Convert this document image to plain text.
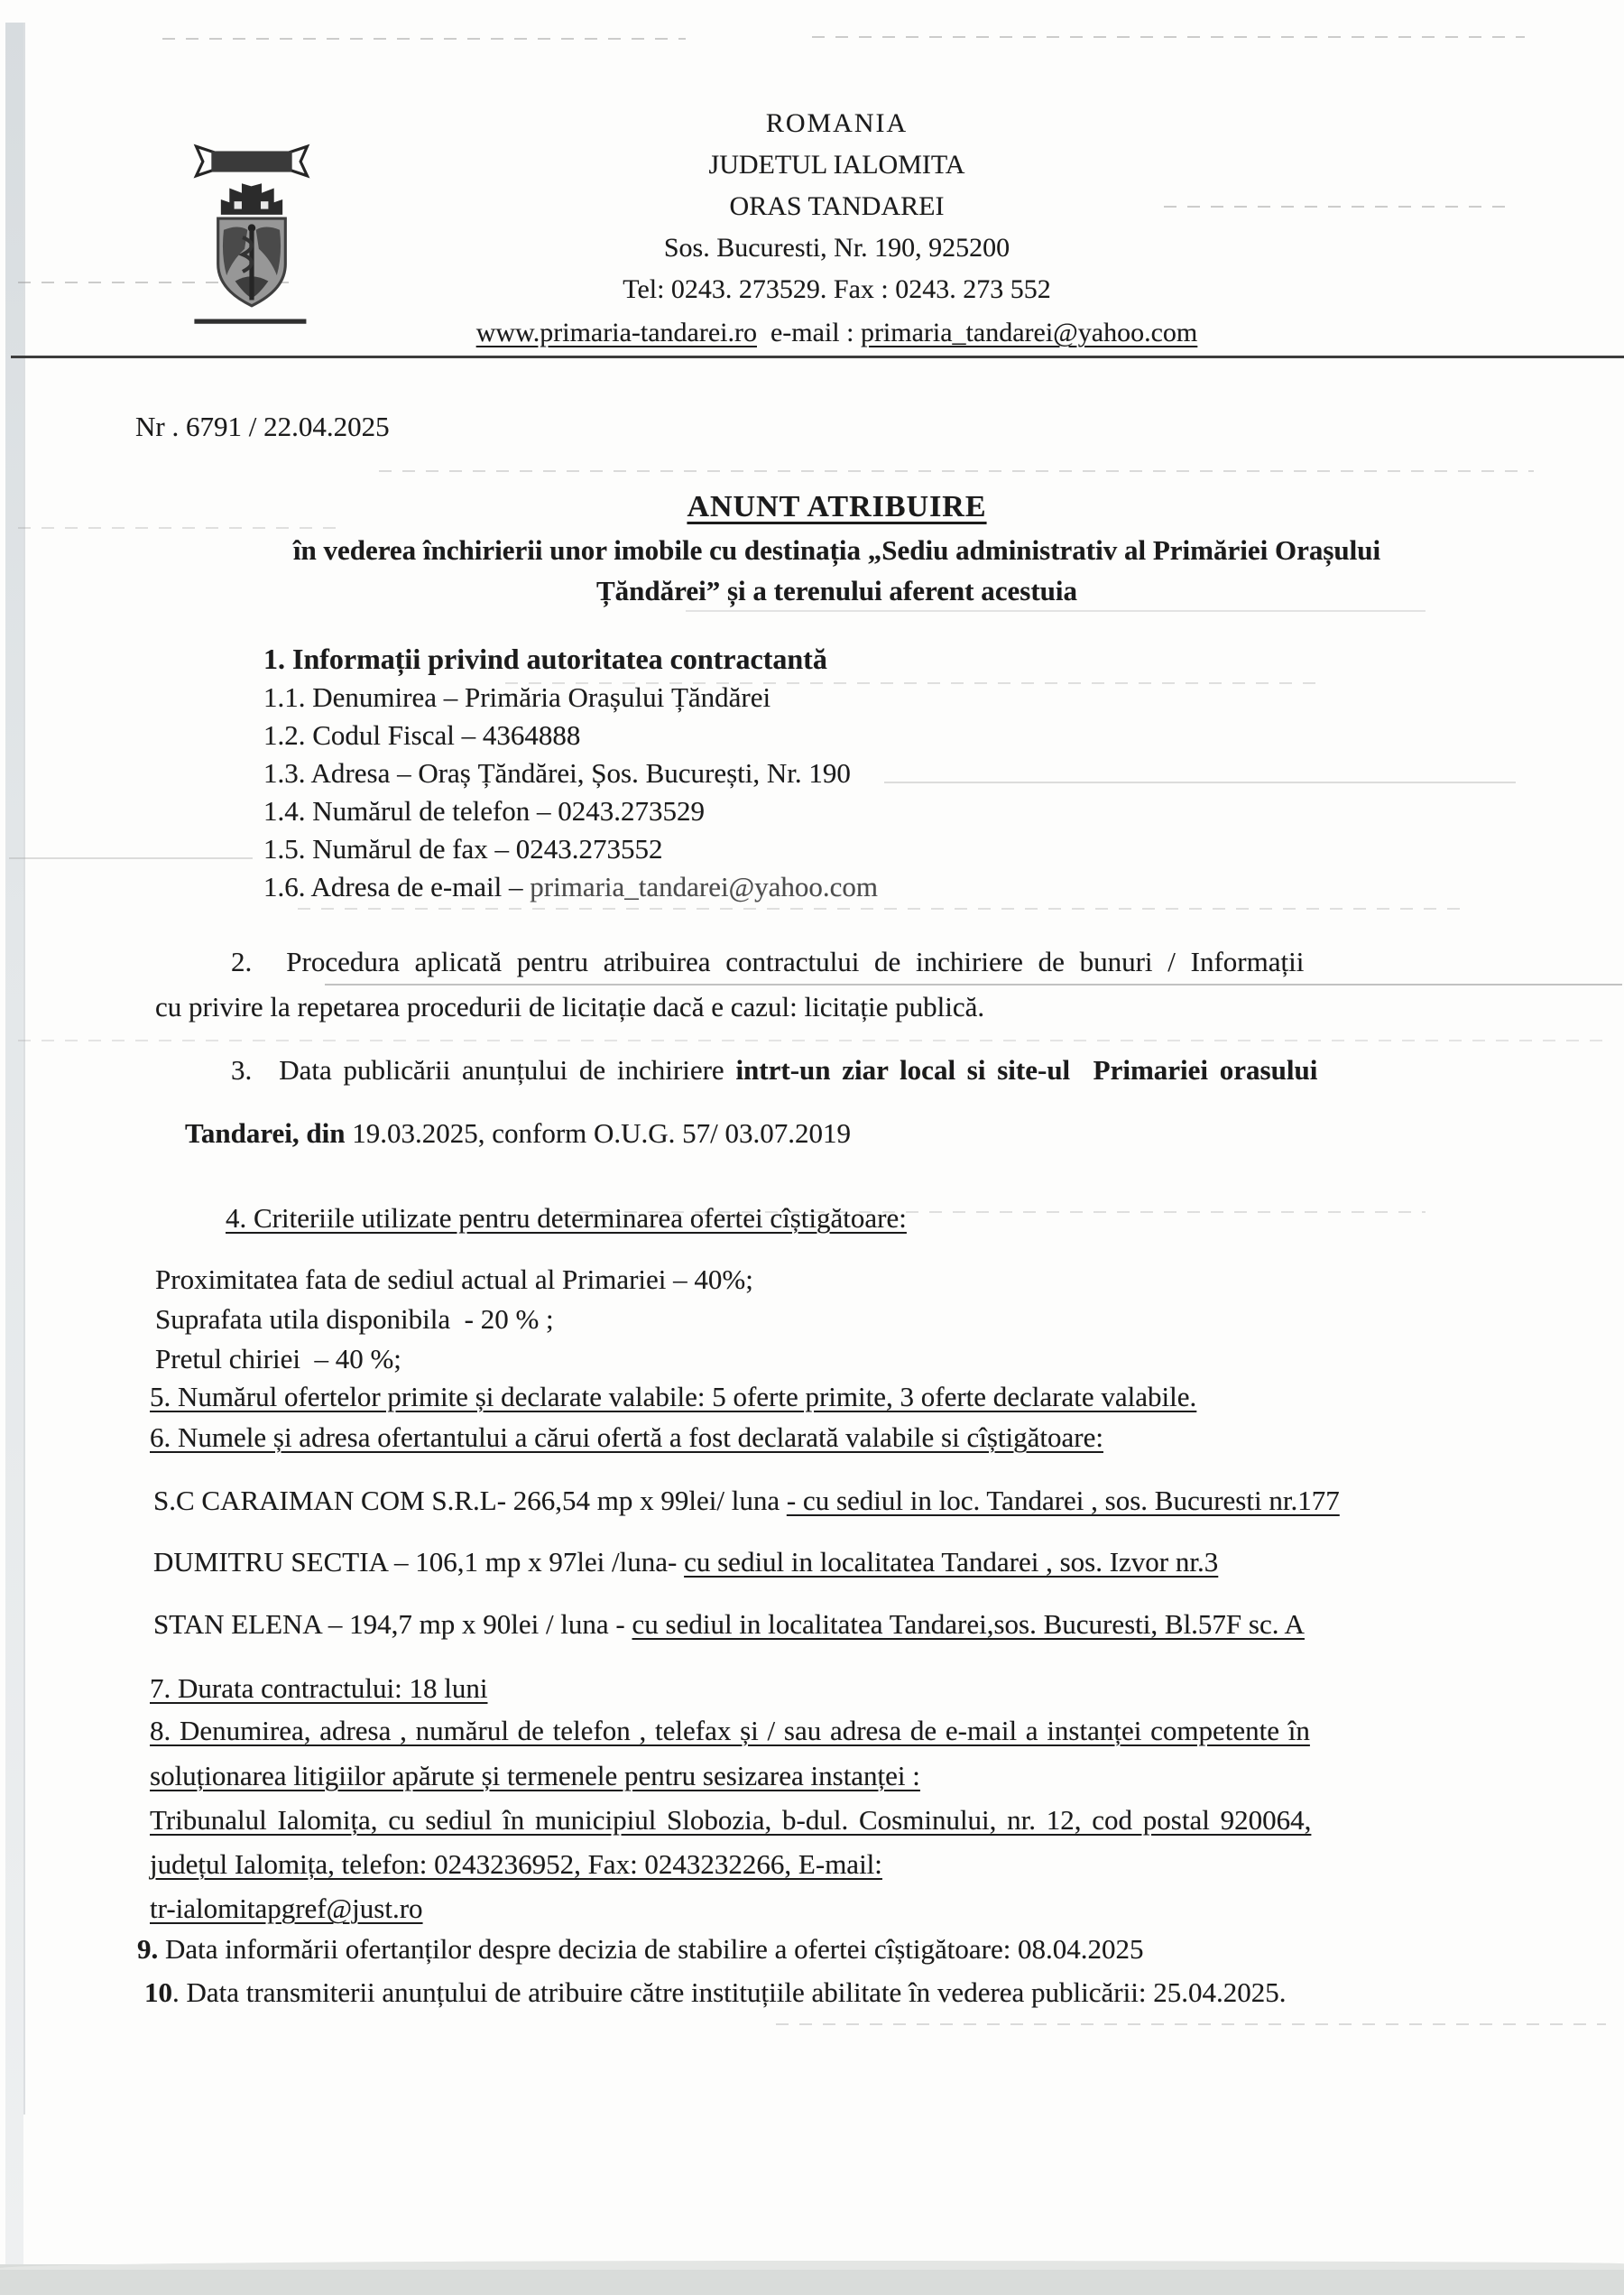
ROMANIA
JUDETUL IALOMITA
ORAS TANDAREI
Sos. Bucuresti, Nr. 190, 925200
Tel: 0243. 273529. Fax : 0243. 273 552
www.primaria-tandarei.ro  e-mail : primaria_tandarei@yahoo.com
Nr . 6791 / 22.04.2025
ANUNT ATRIBUIRE
în vederea închirierii unor imobile cu destinația „Sediu administrativ al Primăriei Orașului
Țăndărei” și a terenului aferent acestuia
1. Informații privind autoritatea contractantă
1.1. Denumirea – Primăria Orașului Țăndărei
1.2. Codul Fiscal – 4364888
1.3. Adresa – Oraș Țăndărei, Șos. București, Nr. 190
1.4. Numărul de telefon – 0243.273529
1.5. Numărul de fax – 0243.273552
1.6. Adresa de e-mail – primaria_tandarei@yahoo.com
2. Procedura aplicată pentru atribuirea contractului de inchiriere de bunuri / Informații
cu privire la repetarea procedurii de licitație dacă e cazul: licitație publică.
3. Data publicării anunțului de inchiriere intrt-un ziar local si site-ul  Primariei orasului
Tandarei, din 19.03.2025, conform O.U.G. 57/ 03.07.2019
4. Criteriile utilizate pentru determinarea ofertei cîștigătoare:
Proximitatea fata de sediul actual al Primariei – 40%;
Suprafata utila disponibila  - 20 % ;
Pretul chiriei  – 40 %;
5. Numărul ofertelor primite și declarate valabile: 5 oferte primite, 3 oferte declarate valabile.
6. Numele și adresa ofertantului a cărui ofertă a fost declarată valabile si cîștigătoare:
S.C CARAIMAN COM S.R.L- 266,54 mp x 99lei/ luna - cu sediul in loc. Tandarei , sos. Bucuresti nr.177
DUMITRU SECTIA – 106,1 mp x 97lei /luna- cu sediul in localitatea Tandarei , sos. Izvor nr.3
STAN ELENA – 194,7 mp x 90lei / luna - cu sediul in localitatea Tandarei,sos. Bucuresti, Bl.57F sc. A
7. Durata contractului: 18 luni
8. Denumirea, adresa , numărul de telefon , telefax și / sau adresa de e-mail a instanței competente în
soluționarea litigiilor apărute și termenele pentru sesizarea instanței :
Tribunalul Ialomița, cu sediul în municipiul Slobozia, b-dul. Cosminului, nr. 12, cod postal 920064,
județul Ialomița, telefon: 0243236952, Fax: 0243232266, E-mail:
tr-ialomitapgref@just.ro
9. Data informării ofertanților despre decizia de stabilire a ofertei cîștigătoare: 08.04.2025
10. Data transmiterii anunțului de atribuire către instituțiile abilitate în vederea publicării: 25.04.2025.
